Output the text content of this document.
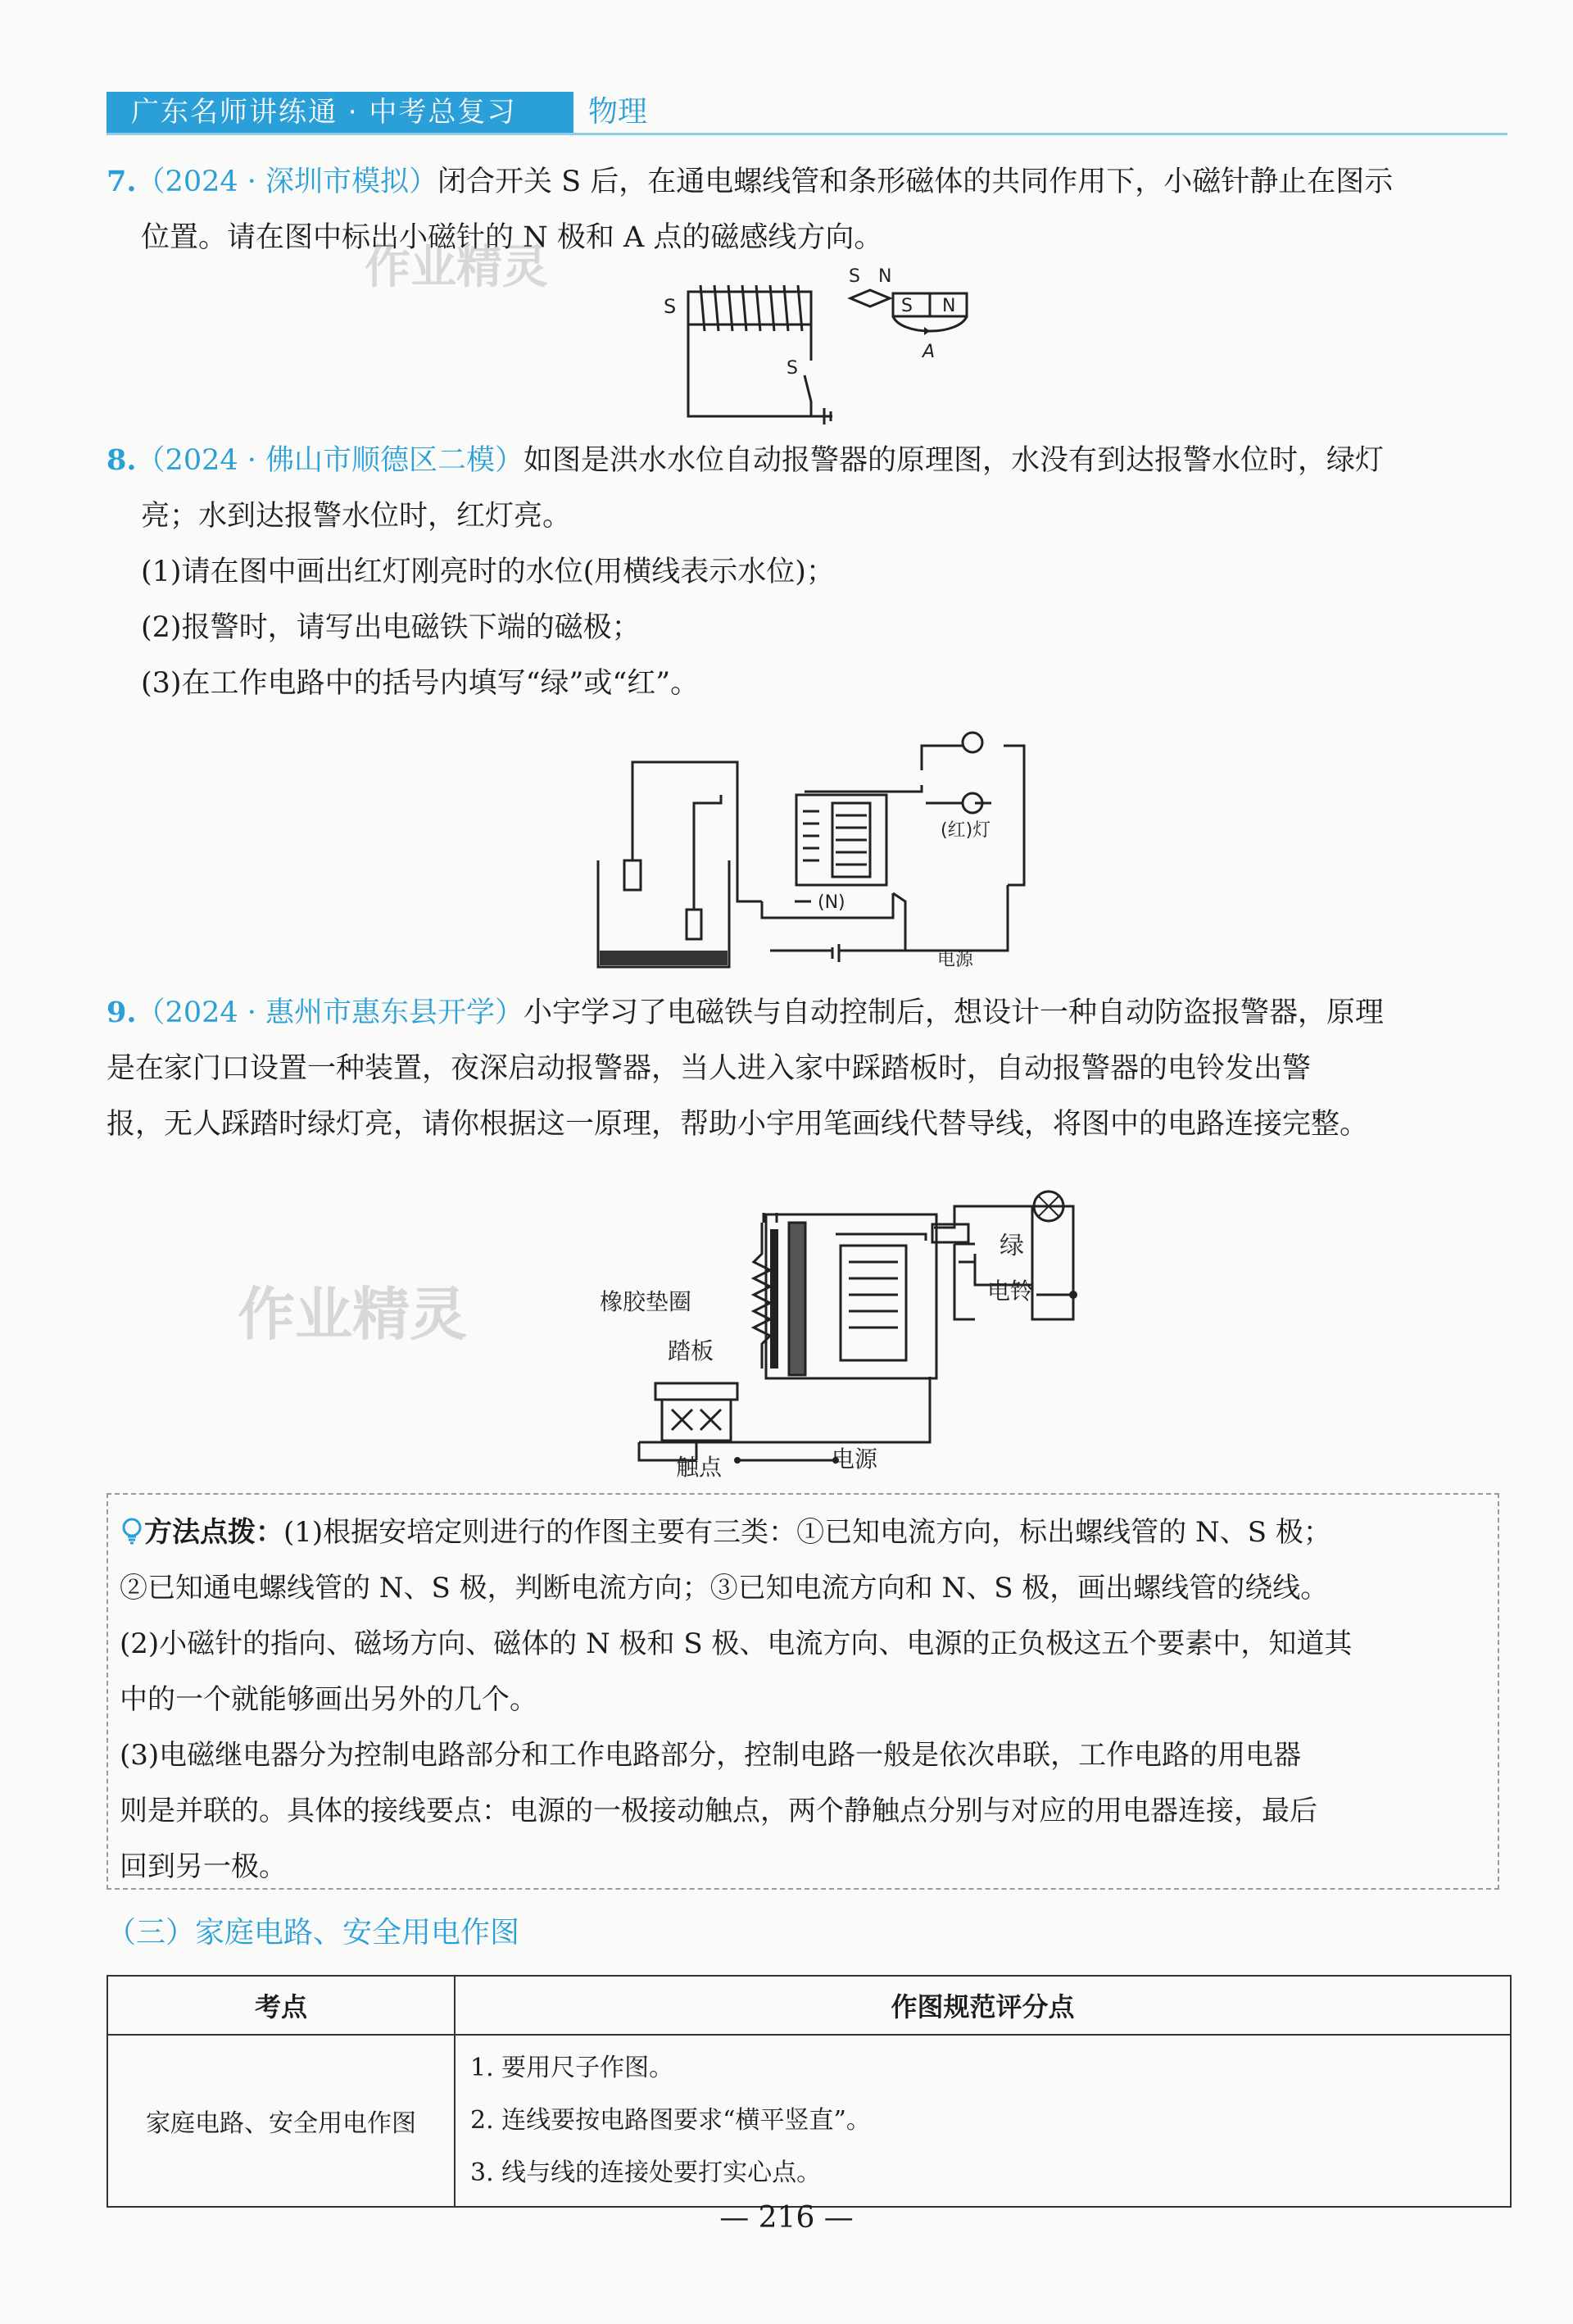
广东名师讲练通 · 中考总复习	物理
7.（2024 · 深圳市模拟）闭合开关 S 后，在通电螺线管和条形磁体的共同作用下，小磁针静止在图示
位置。请在图中标出小磁针的 N 极和 A 点的磁感线方向。
作业精灵
S
S N
S N
A
S
8.（2024 · 佛山市顺德区二模）如图是洪水水位自动报警器的原理图，水没有到达报警水位时，绿灯
亮；水到达报警水位时，红灯亮。
(1)请在图中画出红灯刚亮时的水位(用横线表示水位)；
(2)报警时，请写出电磁铁下端的磁极；
(3)在工作电路中的括号内填写“绿”或“红”。
(N)
(红)灯
电源
9.（2024 · 惠州市惠东县开学）小宇学习了电磁铁与自动控制后，想设计一种自动防盗报警器，原理
是在家门口设置一种装置，夜深启动报警器，当人进入家中踩踏板时，自动报警器的电铃发出警
报，无人踩踏时绿灯亮，请你根据这一原理，帮助小宇用笔画线代替导线，将图中的电路连接完整。
作业精灵
绿
电铃
橡胶垫圈
踏板
触点	电源
方法点拨：(1)根据安培定则进行的作图主要有三类：①已知电流方向，标出螺线管的 N、S 极；
②已知通电螺线管的 N、S 极，判断电流方向；③已知电流方向和 N、S 极，画出螺线管的绕线。
(2)小磁针的指向、磁场方向、磁体的 N 极和 S 极、电流方向、电源的正负极这五个要素中，知道其
中的一个就能够画出另外的几个。
(3)电磁继电器分为控制电路部分和工作电路部分，控制电路一般是依次串联，工作电路的用电器
则是并联的。具体的接线要点：电源的一极接动触点，两个静触点分别与对应的用电器连接，最后
回到另一极。
（三）家庭电路、安全用电作图
考点	作图规范评分点
家庭电路、安全用电作图	1. 要用尺子作图。
2. 连线要按电路图要求“横平竖直”。
3. 线与线的连接处要打实心点。
— 216 —
